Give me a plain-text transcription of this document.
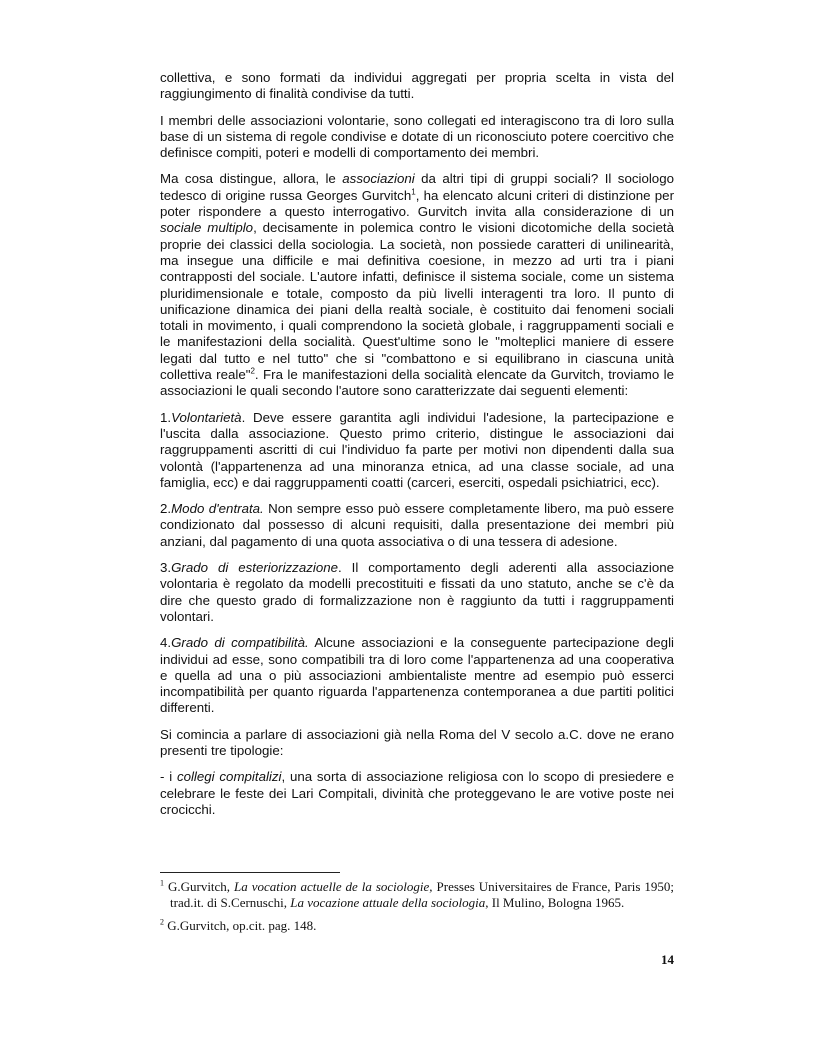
collettiva, e sono formati da individui aggregati per propria scelta in vista del raggiungimento di finalità condivise da tutti.

I membri delle associazioni volontarie, sono collegati ed interagiscono tra di loro sulla base di un sistema di regole condivise e dotate di un riconosciuto potere coercitivo che definisce compiti, poteri e modelli di comportamento dei membri.

Ma cosa distingue, allora, le associazioni da altri tipi di gruppi sociali? Il sociologo tedesco di origine russa Georges Gurvitch$^1$, ha elencato alcuni criteri di distinzione per poter rispondere a questo interrogativo. Gurvitch invita alla considerazione di un sociale multiplo, decisamente in polemica contro le visioni dicotomiche della società proprie dei classici della sociologia. La società, non possiede caratteri di unilinearità, ma insegue una difficile e mai definitiva coesione, in mezzo ad urti tra i piani contrapposti del sociale. L'autore infatti, definisce il sistema sociale, come un sistema pluridimensionale e totale, composto da più livelli interagenti tra loro. Il punto di unificazione dinamica dei piani della realtà sociale, è costituito dai fenomeni sociali totali in movimento, i quali comprendono la società globale, i raggruppamenti sociali e le manifestazioni della socialità. Quest'ultime sono le "molteplici maniere di essere legati dal tutto e nel tutto" che si "combattono e si equilibrano in ciascuna unità collettiva reale"$^2$. Fra le manifestazioni della socialità elencate da Gurvitch, troviamo le associazioni le quali secondo l'autore sono caratterizzate dai seguenti elementi:

1.Volontarietà. Deve essere garantita agli individui l'adesione, la partecipazione e l'uscita dalla associazione. Questo primo criterio, distingue le associazioni dai raggruppamenti ascritti di cui l'individuo fa parte per motivi non dipendenti dalla sua volontà (l'appartenenza ad una minoranza etnica, ad una classe sociale, ad una famiglia, ecc) e dai raggruppamenti coatti (carceri, eserciti, ospedali psichiatrici, ecc).

2.Modo d'entrata. Non sempre esso può essere completamente libero, ma può essere condizionato dal possesso di alcuni requisiti, dalla presentazione dei membri più anziani, dal pagamento di una quota associativa o di una tessera di adesione.

3.Grado di esteriorizzazione. Il comportamento degli aderenti alla associazione volontaria è regolato da modelli precostituiti e fissati da uno statuto, anche se c'è da dire che questo grado di formalizzazione non è raggiunto da tutti i raggruppamenti volontari.

4.Grado di compatibilità. Alcune associazioni e la conseguente partecipazione degli individui ad esse, sono compatibili tra di loro come l'appartenenza ad una cooperativa e quella ad una o più associazioni ambientaliste mentre ad esempio può esserci incompatibilità per quanto riguarda l'appartenenza contemporanea a due partiti politici differenti.

Si comincia a parlare di associazioni già nella Roma del V secolo a.C. dove ne erano presenti tre tipologie:

- i collegi compitalizi, una sorta di associazione religiosa con lo scopo di presiedere e celebrare le feste dei Lari Compitali, divinità che proteggevano le are votive poste nei crocicchi.

$^1$ G.Gurvitch, La vocation actuelle de la sociologie, Presses Universitaires de France, Paris 1950; trad.it. di S.Cernuschi, La vocazione attuale della sociologia, Il Mulino, Bologna 1965.

$^2$ G.Gurvitch, op.cit. pag. 148.

14
